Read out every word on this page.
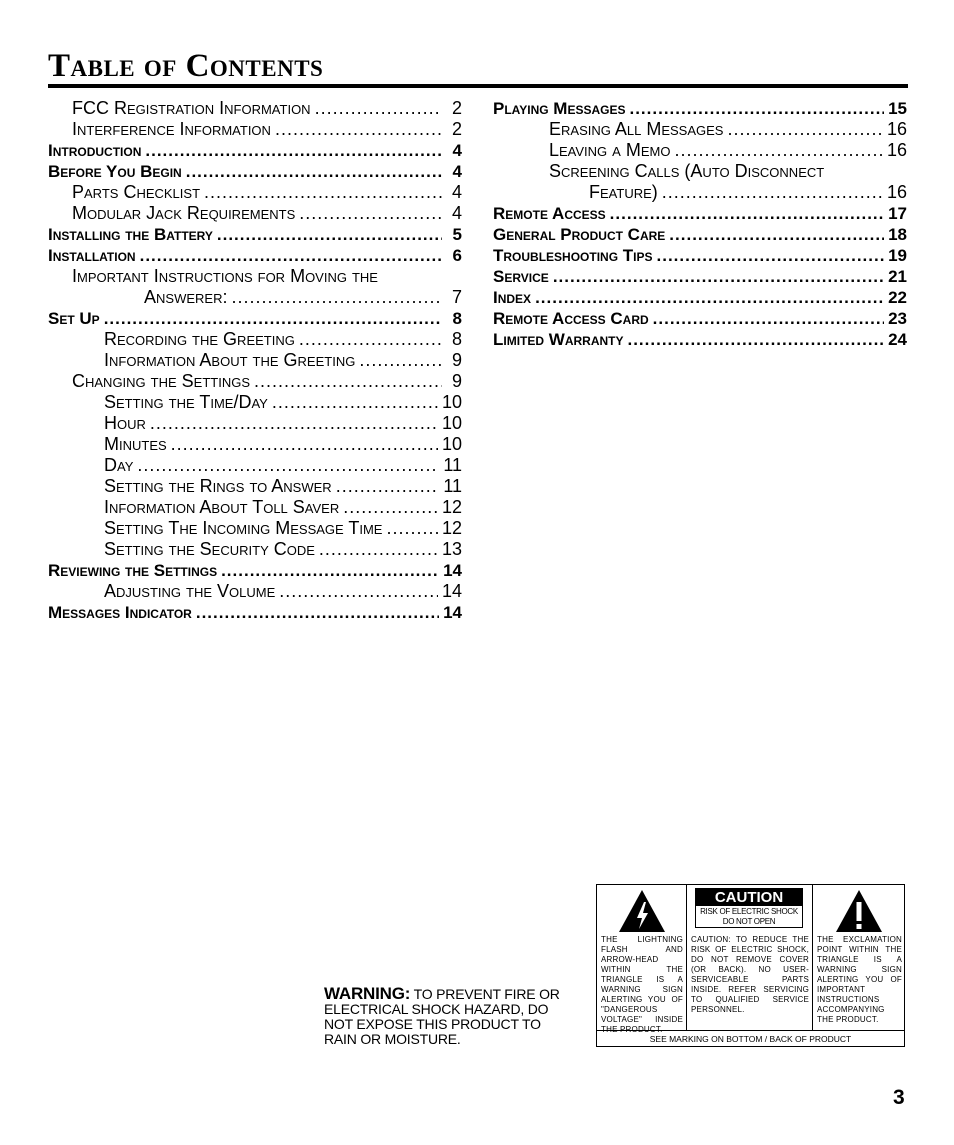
Table of Contents
FCC Registration Information .....	2
Interference Information .....	2
Introduction .....	4
Before You Begin .....	4
Parts Checklist .....	4
Modular Jack Requirements .....	4
Installing the Battery .....	5
Installation .....	6
Important Instructions for Moving the
Answerer: .....	7
Set Up .....	8
Recording the Greeting .....	8
Information About the Greeting .....	9
Changing the Settings .....	9
Setting the Time/Day .....	10
Hour .....	10
Minutes .....	10
Day .....	11
Setting the Rings to Answer .....	11
Information About Toll Saver .....	12
Setting The Incoming Message Time .....	12
Setting the Security Code .....	13
Reviewing the Settings .....	14
Adjusting the Volume .....	14
Messages Indicator .....	14
Playing Messages .....	15
Erasing All Messages .....	16
Leaving a Memo .....	16
Screening Calls (Auto Disconnect
Feature) .....	16
Remote Access .....	17
General Product Care .....	18
Troubleshooting Tips .....	19
Service .....	21
Index .....	22
Remote Access Card .....	23
Limited Warranty .....	24
WARNING: TO PREVENT FIRE OR ELECTRICAL SHOCK HAZARD, DO NOT EXPOSE THIS PRODUCT TO RAIN OR MOISTURE.
THE LIGHTNING FLASH AND ARROW-HEAD WITHIN THE TRIANGLE IS A WARNING SIGN ALERTING YOU OF "DANGEROUS VOLTAGE" INSIDE THE PRODUCT.
CAUTION
RISK OF ELECTRIC SHOCK DO NOT OPEN
CAUTION: TO REDUCE THE RISK OF ELECTRIC SHOCK, DO NOT REMOVE COVER (OR BACK). NO USER-SERVICEABLE PARTS INSIDE. REFER SERVICING TO QUALIFIED SERVICE PERSONNEL.
THE EXCLAMATION POINT WITHIN THE TRIANGLE IS A WARNING SIGN ALERTING YOU OF IMPORTANT INSTRUCTIONS ACCOMPANYING THE PRODUCT.
SEE MARKING ON BOTTOM / BACK OF PRODUCT
3
